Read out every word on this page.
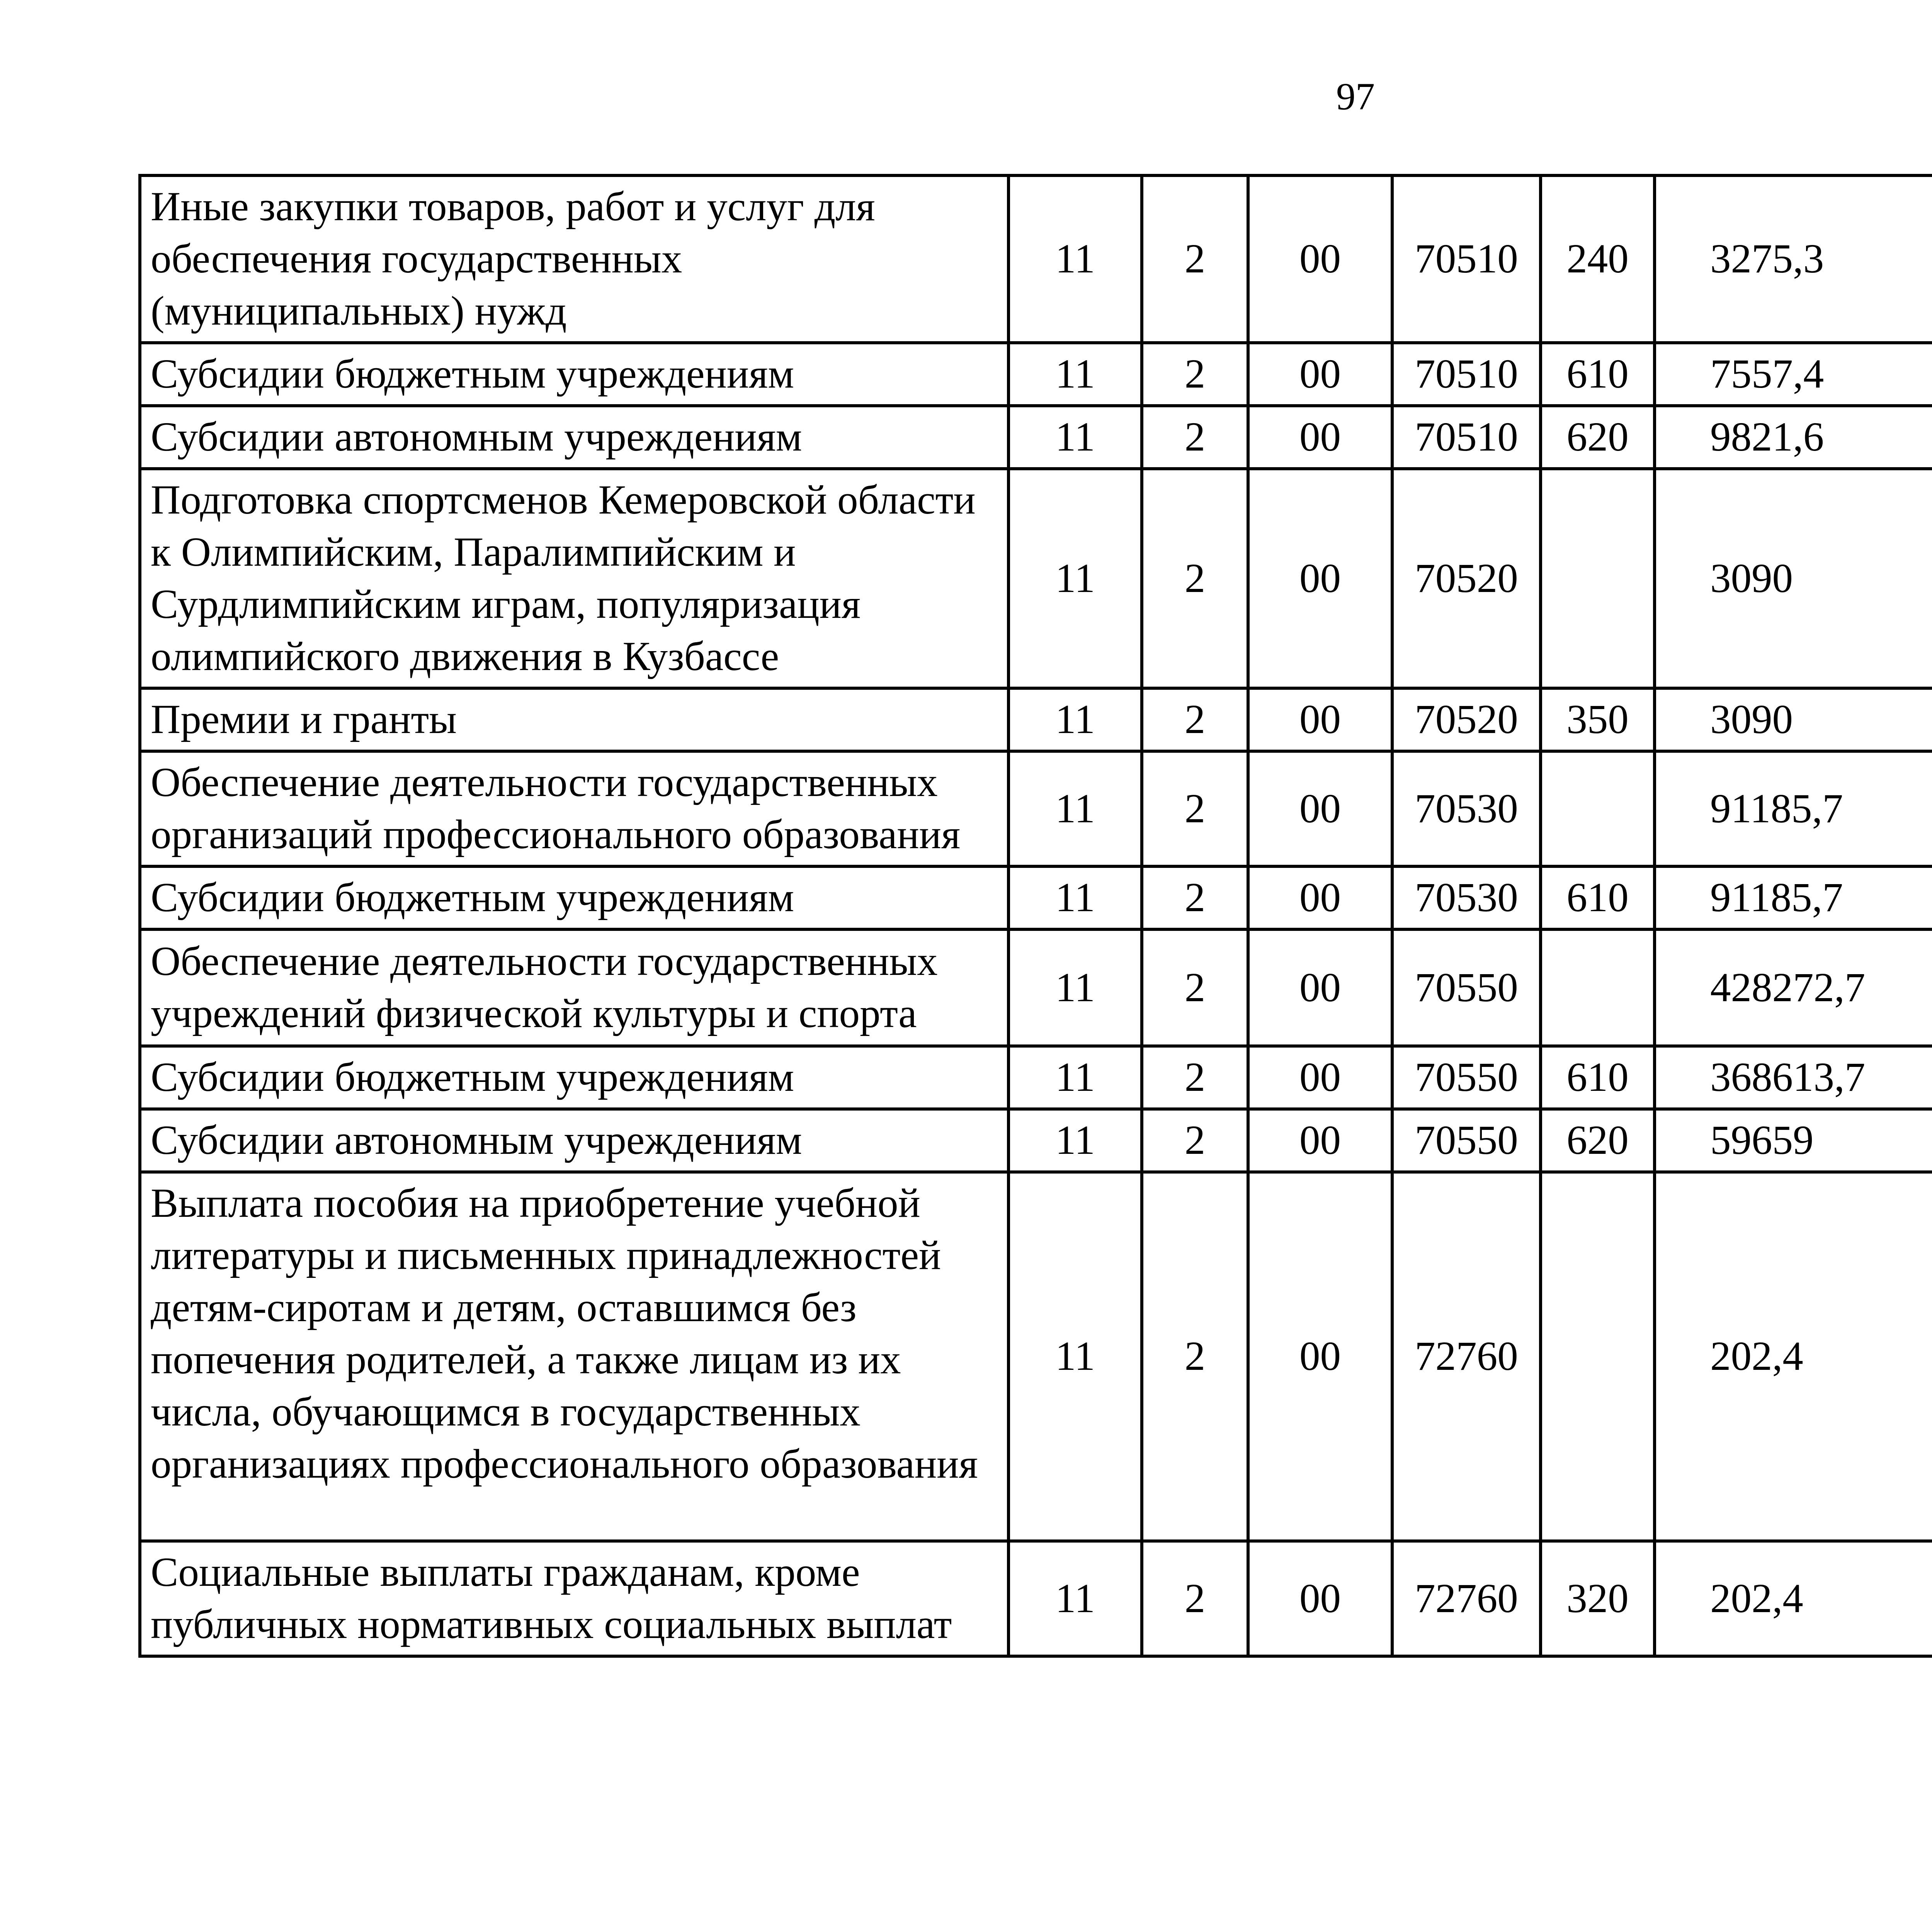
97
Иные закупки товаров, работ и услуг для обеспечения государственных (муниципальных) нужд	11	2	00	70510	240	3275,3		
Субсидии бюджетным учреждениям	11	2	00	70510	610	7557,4		
Субсидии автономным учреждениям	11	2	00	70510	620	9821,6		
Подготовка спортсменов Кемеровской области к Олимпийским, Паралимпийским и Сурдлимпийским играм, популяризация олимпийского движения в Кузбассе	11	2	00	70520		3090		
Премии и гранты	11	2	00	70520	350	3090		
Обеспечение деятельности государственных организаций профессионального образования	11	2	00	70530		91185,7		
Субсидии бюджетным учреждениям	11	2	00	70530	610	91185,7		
Обеспечение деятельности государственных учреждений физической культуры и спорта	11	2	00	70550		428272,7		
Субсидии бюджетным учреждениям	11	2	00	70550	610	368613,7		
Субсидии автономным учреждениям	11	2	00	70550	620	59659		
Выплата пособия на приобретение учебной литературы и письменных принадлежностей детям-сиротам и детям, оставшимся без попечения родителей, а также лицам из их числа, обучающимся в государственных организациях профессионального образования	11	2	00	72760		202,4		
Социальные выплаты гражданам, кроме публичных нормативных социальных выплат	11	2	00	72760	320	202,4		
